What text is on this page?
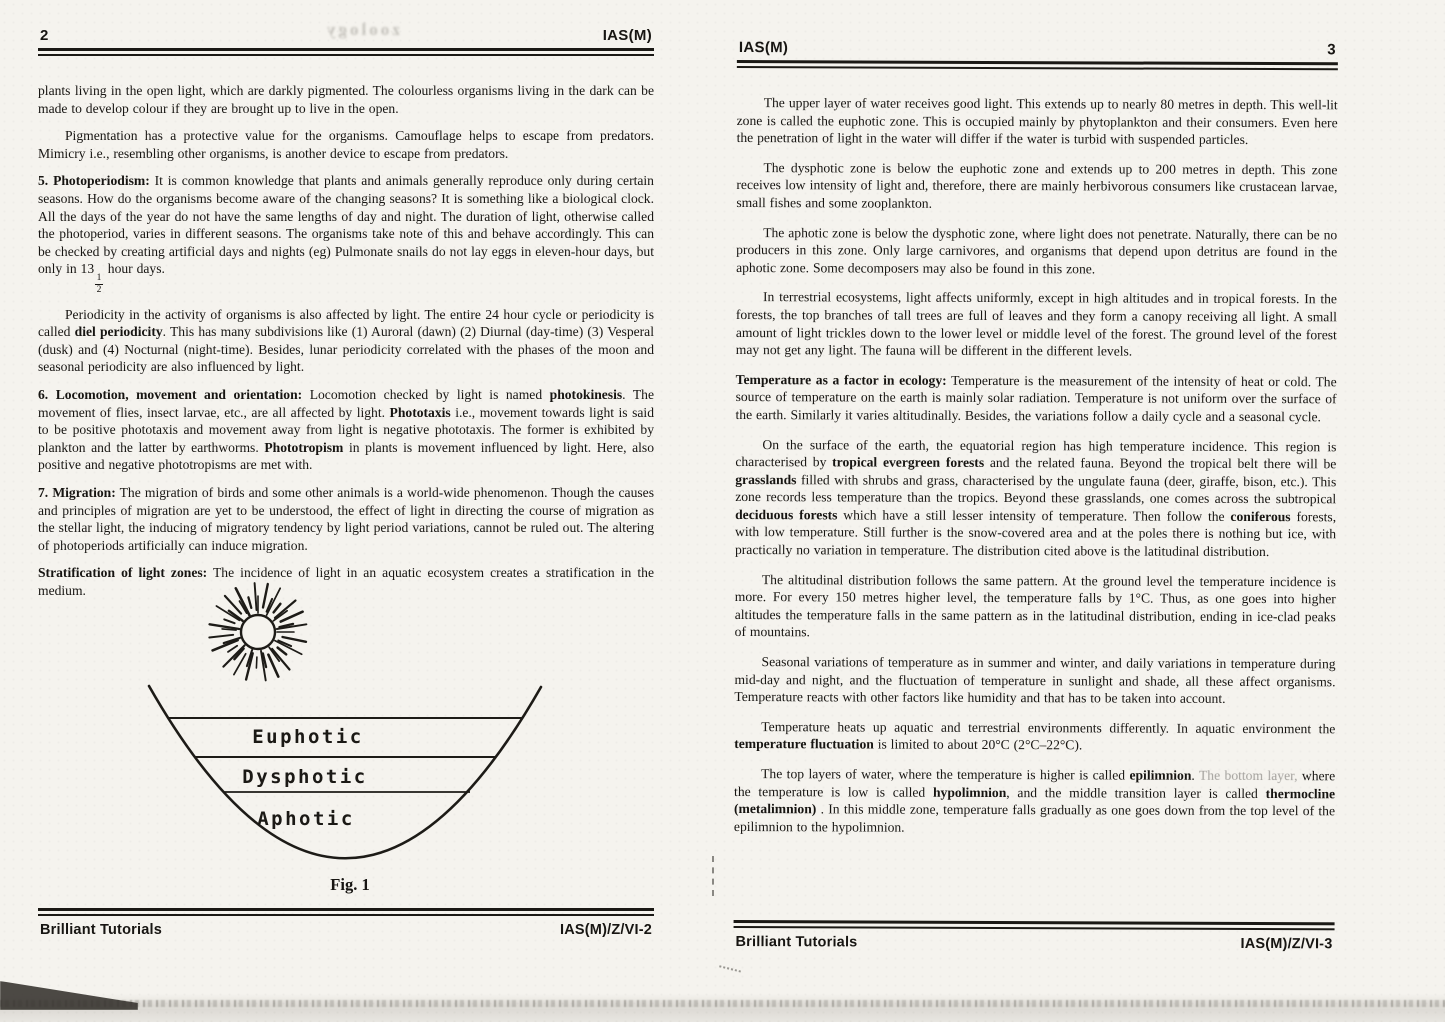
zoology
2	IAS(M)

plants living in the open light, which are darkly pigmented. The colourless organisms living in the dark can be made to develop colour if they are brought up to live in the open.

Pigmentation has a protective value for the organisms. Camouflage helps to escape from predators. Mimicry i.e., resembling other organisms, is another device to escape from predators.

5. Photoperiodism: It is common knowledge that plants and animals generally reproduce only during certain seasons. How do the organisms become aware of the changing seasons? It is something like a biological clock. All the days of the year do not have the same lengths of day and night. The duration of light, otherwise called the photoperiod, varies in different seasons. The organisms take note of this and behave accordingly. This can be checked by creating artificial days and nights (eg) Pulmonate snails do not lay eggs in eleven-hour days, but only in 13
$\frac{1}{2}$
hour days.

Periodicity in the activity of organisms is also affected by light. The entire 24 hour cycle or periodicity is called diel periodicity. This has many subdivisions like (1) Auroral (dawn) (2) Diurnal (day-time) (3) Vesperal (dusk) and (4) Nocturnal (night-time). Besides, lunar periodicity correlated with the phases of the moon and seasonal periodicity are also influenced by light.

6. Locomotion, movement and orientation: Locomotion checked by light is named photokinesis. The movement of flies, insect larvae, etc., are all affected by light. Phototaxis i.e., movement towards light is said to be positive phototaxis and movement away from light is negative phototaxis. The former is exhibited by plankton and the latter by earthworms. Phototropism in plants is movement influenced by light. Here, also positive and negative phototropisms are met with.

7. Migration: The migration of birds and some other animals is a world-wide phenomenon. Though the causes and principles of migration are yet to be understood, the effect of light in directing the course of migration as the stellar light, the inducing of migratory tendency by light period variations, cannot be ruled out. The altering of photoperiods artificially can induce migration.

Stratification of light zones: The incidence of light in an aquatic ecosystem creates a stratification in the medium.

Euphotic
Dysphotic
Aphotic
Fig. 1
Brilliant Tutorials	IAS(M)/Z/VI-2
IAS(M)	3

The upper layer of water receives good light. This extends up to nearly 80 metres in depth. This well-lit zone is called the euphotic zone. This is occupied mainly by phytoplankton and their consumers. Even here the penetration of light in the water will differ if the water is turbid with suspended particles.

The dysphotic zone is below the euphotic zone and extends up to 200 metres in depth. This zone receives low intensity of light and, therefore, there are mainly herbivorous consumers like crustacean larvae, small fishes and some zooplankton.

The aphotic zone is below the dysphotic zone, where light does not penetrate. Naturally, there can be no producers in this zone. Only large carnivores, and organisms that depend upon detritus are found in the aphotic zone. Some decomposers may also be found in this zone.

In terrestrial ecosystems, light affects uniformly, except in high altitudes and in tropical forests. In the forests, the top branches of tall trees are full of leaves and they form a canopy receiving all light. A small amount of light trickles down to the lower level or middle level of the forest. The ground level of the forest may not get any light. The fauna will be different in the different levels.

Temperature as a factor in ecology: Temperature is the measurement of the intensity of heat or cold. The source of temperature on the earth is mainly solar radiation. Temperature is not uniform over the surface of the earth. Similarly it varies altitudinally. Besides, the variations follow a daily cycle and a seasonal cycle.

On the surface of the earth, the equatorial region has high temperature incidence. This region is characterised by tropical evergreen forests and the related fauna. Beyond the tropical belt there will be grasslands filled with shrubs and grass, characterised by the ungulate fauna (deer, giraffe, bison, etc.). This zone records less temperature than the tropics. Beyond these grasslands, one comes across the subtropical deciduous forests which have a still lesser intensity of temperature. Then follow the coniferous forests, with low temperature. Still further is the snow-covered area and at the poles there is nothing but ice, with practically no variation in temperature. The distribution cited above is the latitudinal distribution.

The altitudinal distribution follows the same pattern. At the ground level the temperature incidence is more. For every 150 metres higher level, the temperature falls by 1°C. Thus, as one goes into higher altitudes the temperature falls in the same pattern as in the latitudinal distribution, ending in ice-clad peaks of mountains.

Seasonal variations of temperature as in summer and winter, and daily variations in temperature during mid-day and night, and the fluctuation of temperature in sunlight and shade, all these affect organisms. Temperature reacts with other factors like humidity and that has to be taken into account.

Temperature heats up aquatic and terrestrial environments differently. In aquatic environment the temperature fluctuation is limited to about 20°C (2°C–22°C).

The top layers of water, where the temperature is higher is called epilimnion. The bottom layer, where the temperature is low is called hypolimnion, and the middle transition layer is called thermocline (metalimnion) . In this middle zone, temperature falls gradually as one goes down from the top level of the epilimnion to the hypolimnion.

Brilliant Tutorials	IAS(M)/Z/VI-3
